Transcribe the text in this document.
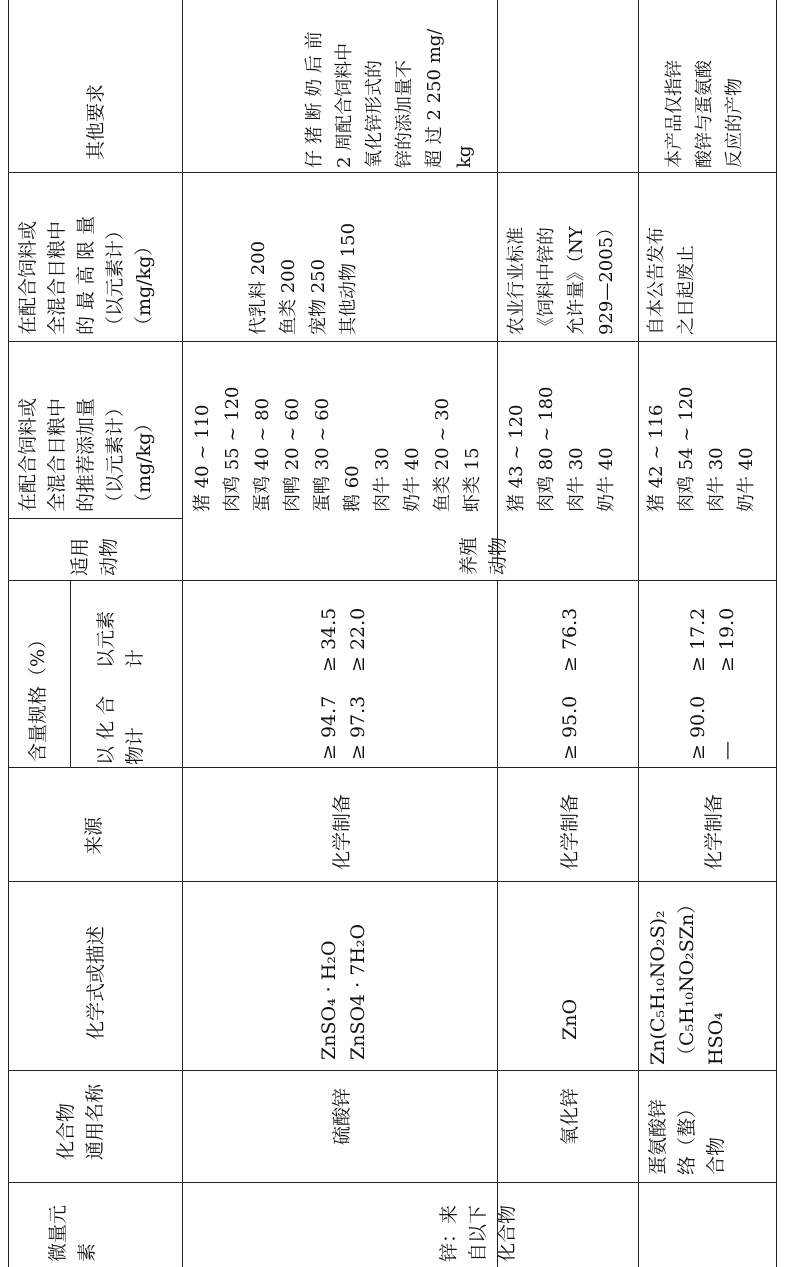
其他要求
在配合饲料或
全混合日粮中
的 最 高 限 量
（以元素计）
（mg/kg）
在配合饲料或
全混合日粮中
的推荐添加量
（以元素计）
（mg/kg）
适用
动物
含量规格（%） 以元素
计
以 化 合
物计
来源
化学式或描述
化合物
通用名称
微量元
素
猪 40 ~ 110
肉鸡 55 ~ 120
蛋鸡 40 ~ 80
肉鸭 20 ~ 60
蛋鸭 30 ~ 60
鹅 60
肉牛 30
奶牛 40
鱼类 20 ~ 30
虾类 15
代乳料 200
鱼类 200
宠物 250
其他动物 150
仔 猪 断 奶 后 前
2 周配合饲料中
氧化锌形式的
锌的添加量不
超 过 2 250 mg/
kg
≥ 34.5
≥ 22.0
≥ 94.7
≥ 97.3
化学制备
ZnSO₄ · H₂O ZnSO4 · 7H₂O
硫酸锌
锌：来
自以下
化合物
养殖
动物
猪 43 ~ 120
肉鸡 80 ~ 180
肉牛 30
奶牛 40
农业行业标准
《饲料中锌的
允许量》（NY
929—2005）
≥ 76.3
≥ 95.0
化学制备
ZnO
氧化锌
猪 42 ~ 116
肉鸡 54 ~ 120
肉牛 30
奶牛 40
自本公告发布
之日起废止
本产品仅指锌
酸锌与蛋氨酸
反应的产物
≥ 17.2
≥ 19.0
≥ 90.0
—
化学制备
Zn(C₅H₁₀NO₂S)₂ （C₅H₁₀NO₂SZn） HSO₄
蛋氨酸锌
络（螯）
合物
